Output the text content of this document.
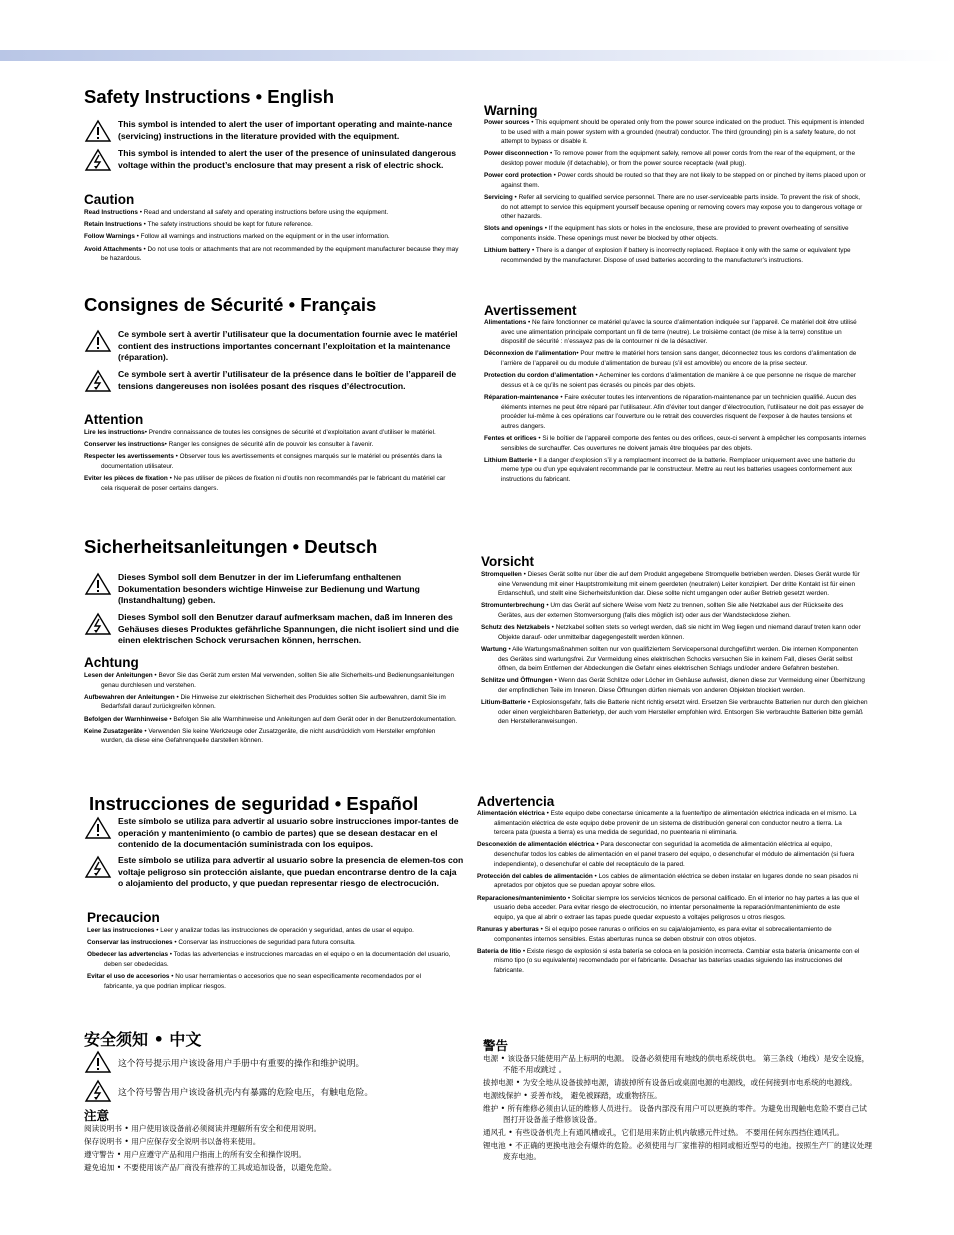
Safety Instructions • English
This symbol is intended to alert the user of important operating and mainte-nance (servicing) instructions in the literature provided with the equipment.
This symbol is intended to alert the user of the presence of uninsulated dangerous voltage within the product’s enclosure that may present a risk of electric shock.
Caution
Read Instructions • Read and understand all safety and operating instructions before using the equipment.
Retain Instructions • The safety instructions should be kept for future reference.
Follow Warnings • Follow all warnings and instructions marked on the equipment or in the user information.
Avoid Attachments • Do not use tools or attachments that are not recommended by the equipment manufacturer because they may be hazardous.
Warning
Power sources • This equipment should be operated only from the power source indicated on the product. This equipment is intended to be used with a main power system with a grounded (neutral) conductor. The third (grounding) pin is a safety feature, do not attempt to bypass or disable it.
Power disconnection • To remove power from the equipment safely, remove all power cords from the rear of the equipment, or the desktop power module (if detachable), or from the power source receptacle (wall plug).
Power cord protection • Power cords should be routed so that they are not likely to be stepped on or pinched by items placed upon or against them.
Servicing • Refer all servicing to qualified service personnel. There are no user-serviceable parts inside. To prevent the risk of shock, do not attempt to service this equipment yourself because opening or removing covers may expose you to dangerous voltage or other hazards.
Slots and openings • If the equipment has slots or holes in the enclosure, these are provided to prevent overheating of sensitive components inside. These openings must never be blocked by other objects.
Lithium battery • There is a danger of explosion if battery is incorrectly replaced. Replace it only with the same or equivalent type recommended by the manufacturer. Dispose of used batteries according to the manufacturer’s instructions.
Consignes de Sécurité • Français
Ce symbole sert à avertir l’utilisateur que la documentation fournie avec le matériel contient des instructions importantes concernant l’exploitation et la maintenance (réparation).
Ce symbole sert à avertir l’utilisateur de la présence dans le boîtier de l’appareil de tensions dangereuses non isolées posant des risques d’électrocution.
Attention
Lire les instructions• Prendre connaissance de toutes les consignes de sécurité et d’exploitation avant d’utiliser le matériel.
Conserver les instructions• Ranger les consignes de sécurité afin de pouvoir les consulter à l’avenir.
Respecter les avertissements • Observer tous les avertissements et consignes marqués sur le matériel ou présentés dans la documentation utilisateur.
Eviter les pièces de fixation • Ne pas utiliser de pièces de fixation ni d’outils non recommandés par le fabricant du matériel car cela risquerait de poser certains dangers.
Avertissement
Alimentations • Ne faire fonctionner ce matériel qu’avec la source d’alimentation indiquée sur l’appareil. Ce matériel doit être utilisé avec une alimentation principale comportant un fil de terre (neutre). Le troisième contact (de mise à la terre) constitue un dispositif de sécurité : n’essayez pas de la contourner ni de la désactiver.
Déconnexion de l’alimentation• Pour mettre le matériel hors tension sans danger, déconnectez tous les cordons d’alimentation de l’arrière de l’appareil ou du module d’alimentation de bureau (s’il est amovible) ou encore de la prise secteur.
Protection du cordon d’alimentation • Acheminer les cordons d’alimentation de manière à ce que personne ne risque de marcher dessus et à ce qu’ils ne soient pas écrasés ou pincés par des objets.
Réparation-maintenance • Faire exécuter toutes les interventions de réparation-maintenance par un technicien qualifié. Aucun des éléments internes ne peut être réparé par l’utilisateur. Afin d’éviter tout danger d’électrocution, l’utilisateur ne doit pas essayer de procéder lui-même à ces opérations car l’ouverture ou le retrait des couvercles risquent de l’exposer à de hautes tensions et autres dangers.
Fentes et orifices • Si le boîtier de l’appareil comporte des fentes ou des orifices, ceux-ci servent à empêcher les composants internes sensibles de surchauffer. Ces ouvertures ne doivent jamais être bloquées par des objets.
Lithium Batterie • Il a danger d’explosion s’il y a remplacment incorrect de la batterie. Remplacer uniquement avec une batterie du meme type ou d’un ype equivalent recommande par le constructeur. Mettre au reut les batteries usagees conformement aux instructions du fabricant.
Sicherheitsanleitungen • Deutsch
Dieses Symbol soll dem Benutzer in der im Lieferumfang enthaltenen Dokumentation besonders wichtige Hinweise zur Bedienung und Wartung (Instandhaltung) geben.
Dieses Symbol soll den Benutzer darauf aufmerksam machen, daß im Inneren des Gehäuses dieses Produktes gefährliche Spannungen, die nicht isoliert sind und die einen elektrischen Schock verursachen können, herrschen.
Achtung
Lesen der Anleitungen • Bevor Sie das Gerät zum ersten Mal verwenden, sollten Sie alle Sicherheits-und Bedienungsanleitungen genau durchlesen und verstehen.
Aufbewahren der Anleitungen • Die Hinweise zur elektrischen Sicherheit des Produktes sollten Sie aufbewahren, damit Sie im Bedarfsfall darauf zurückgreifen können.
Befolgen der Warnhinweise • Befolgen Sie alle Warnhinweise und Anleitungen auf dem Gerät oder in der Benutzerdokumentation.
Keine Zusatzgeräte • Verwenden Sie keine Werkzeuge oder Zusatzgeräte, die nicht ausdrücklich vom Hersteller empfohlen wurden, da diese eine Gefahrenquelle darstellen können.
Vorsicht
Stromquellen • Dieses Gerät sollte nur über die auf dem Produkt angegebene Stromquelle betrieben werden. Dieses Gerät wurde für eine Verwendung mit einer Hauptstromleitung mit einem geerdeten (neutralen) Leiter konzipiert. Der dritte Kontakt ist für einen Erdanschluß, und stellt eine Sicherheitsfunktion dar. Diese sollte nicht umgangen oder außer Betrieb gesetzt werden.
Stromunterbrechung • Um das Gerät auf sichere Weise vom Netz zu trennen, sollten Sie alle Netzkabel aus der Rückseite des Gerätes, aus der externen Stomversorgung (falls dies möglich ist) oder aus der Wandsteckdose ziehen.
Schutz des Netzkabels • Netzkabel sollten stets so verlegt werden, daß sie nicht im Weg liegen und niemand darauf treten kann oder Objekte darauf- oder unmittelbar dagegengestellt werden können.
Wartung • Alle Wartungsmaßnahmen sollten nur von qualifiziertem Servicepersonal durchgeführt werden. Die internen Komponenten des Gerätes sind wartungsfrei. Zur Vermeidung eines elektrischen Schocks versuchen Sie in keinem Fall, dieses Gerät selbst öffnen, da beim Entfernen der Abdeckungen die Gefahr eines elektrischen Schlags und/oder andere Gefahren bestehen.
Schlitze und Öffnungen • Wenn das Gerät Schlitze oder Löcher im Gehäuse aufweist, dienen diese zur Vermeidung einer Überhitzung der empfindlichen Teile im Inneren. Diese Öffnungen dürfen niemals von anderen Objekten blockiert werden.
Litium-Batterie • Explosionsgefahr, falls die Batterie nicht richtig ersetzt wird. Ersetzen Sie verbrauchte Batterien nur durch den gleichen oder einen vergleichbaren Batterietyp, der auch vom Hersteller empfohlen wird. Entsorgen Sie verbrauchte Batterien bitte gemäß den Herstelleranweisungen.
Instrucciones de seguridad • Español
Este símbolo se utiliza para advertir al usuario sobre instrucciones impor-tantes de operación y mantenimiento (o cambio de partes) que se desean destacar en el contenido de la documentación suministrada con los equipos.
Este símbolo se utiliza para advertir al usuario sobre la presencia de elemen-tos con voltaje peligroso sin protección aislante, que puedan encontrarse dentro de la caja o alojamiento del producto, y que puedan representar riesgo de electrocución.
Precaucion
Leer las instrucciones • Leer y analizar todas las instrucciones de operación y seguridad, antes de usar el equipo.
Conservar las instrucciones • Conservar las instrucciones de seguridad para futura consulta.
Obedecer las advertencias • Todas las advertencias e instrucciones marcadas en el equipo o en la documentación del usuario, deben ser obedecidas.
Evitar el uso de accesorios • No usar herramientas o accesorios que no sean especificamente recomendados por el fabricante, ya que podrian implicar riesgos.
Advertencia
Alimentación eléctrica • Este equipo debe conectarse únicamente a la fuente/tipo de alimentación eléctrica indicada en el mismo. La alimentación eléctrica de este equipo debe provenir de un sistema de distribución general con conductor neutro a tierra. La tercera pata (puesta a tierra) es una medida de seguridad, no puentearia ni eliminaria.
Desconexión de alimentación eléctrica • Para desconectar con seguridad la acometida de alimentación eléctrica al equipo, desenchufar todos los cables de alimentación en el panel trasero del equipo, o desenchufar el módulo de alimentación (si fuera independiente), o desenchufar el cable del receptáculo de la pared.
Protección del cables de alimentación • Los cables de alimentación eléctrica se deben instalar en lugares donde no sean pisados ni apretados por objetos que se puedan apoyar sobre ellos.
Reparaciones/mantenimiento • Solicitar siempre los servicios técnicos de personal calificado. En el interior no hay partes a las que el usuario deba acceder. Para evitar riesgo de electrocución, no intentar personalmente la reparación/mantenimiento de este equipo, ya que al abrir o extraer las tapas puede quedar expuesto a voltajes peligrosos u otros riesgos.
Ranuras y aberturas • Si el equipo posee ranuras o orificios en su caja/alojamiento, es para evitar el sobrecalientamiento de componentes internos sensibles. Estas aberturas nunca se deben obstruir con otros objetos.
Batería de litio • Existe riesgo de explosión si esta batería se coloca en la posición incorrecta. Cambiar esta batería únicamente con el mismo tipo (o su equivalente) recomendado por el fabricante. Desachar las baterías usadas siguiendo las instrucciones del fabricante.
安全须知 • 中文
这个符号提示用户该设备用户手册中有重要的操作和维护说明。
这个符号警告用户该设备机壳内有暴露的危险电压，有触电危险。
注意
阅读说明书 • 用户使用该设备前必须阅读并理解所有安全和使用说明。
保存说明书 • 用户应保存安全说明书以备将来使用。
遵守警告 • 用户应遵守产品和用户指南上的所有安全和操作说明。
避免追加 • 不要使用该产品厂商没有推荐的工具或追加设备，以避免危险。
警告
电源 • 该设备只能使用产品上标明的电源。 设备必须使用有地线的供电系统供电。 第三条线（地线）是安全设施，不能不用或跳过 。
拔掉电源 • 为安全地从设备拔掉电源，请拔掉所有设备后或桌面电源的电源线，或任何接到市电系统的电源线。
电源线保护 • 妥善布线， 避免被踩踏，或重物挤压。
维护 • 所有维修必须由认证的维修人员进行。 设备内部没有用户可以更换的零件。为避免出现触电危险不要自己试图打开设备盖子维修该设备。
通风孔 • 有些设备机壳上有通风槽或孔，它们是用来防止机内敏感元件过热。 不要用任何东西挡住通风孔。
锂电池 • 不正确的更换电池会有爆炸的危险。必须使用与厂家推荐的相同或相近型号的电池。按照生产厂的建议处理废弃电池。
